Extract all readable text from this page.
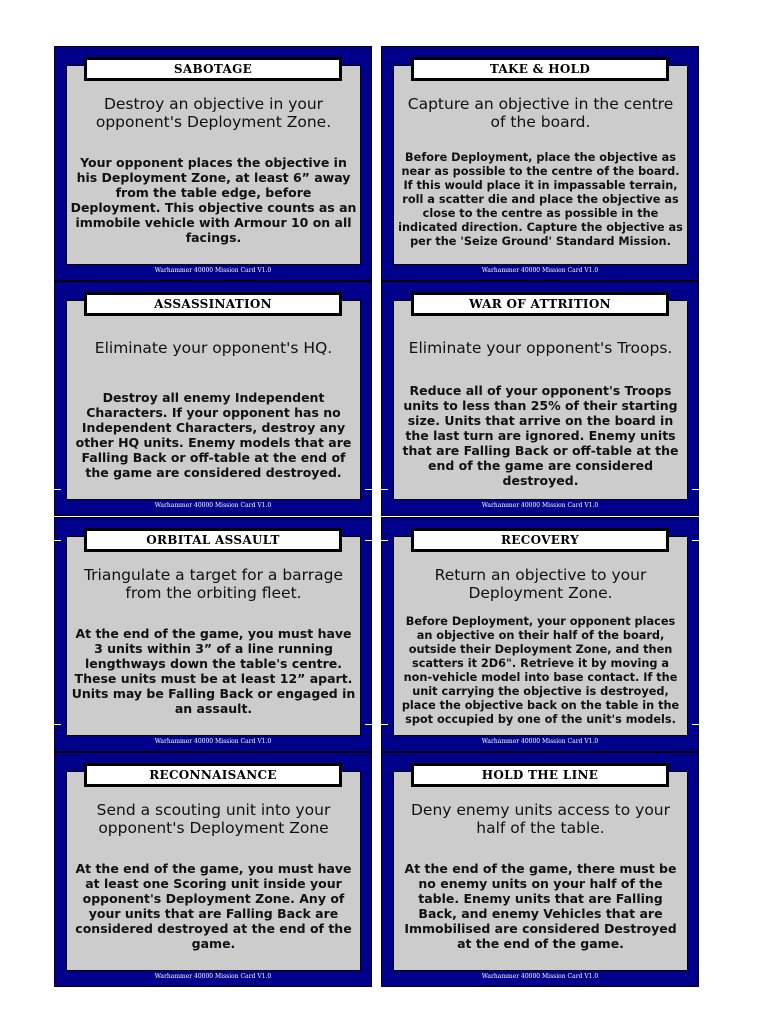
Destroy an objective in your opponent's Deployment Zone.
Your opponent places the objective in his Deployment Zone, at least 6” away from the table edge, before Deployment. This objective counts as an immobile vehicle with Armour 10 on all facings.
SABOTAGE
Warhammer 40000 Mission Card V1.0
Capture an objective in the centre of the board.
Before Deployment, place the objective as near as possible to the centre of the board. If this would place it in impassable terrain, roll a scatter die and place the objective as close to the centre as possible in the indicated direction. Capture the objective as per the 'Seize Ground' Standard Mission.
TAKE & HOLD
Warhammer 40000 Mission Card V1.0
Eliminate your opponent's HQ.
Destroy all enemy Independent Characters. If your opponent has no Independent Characters, destroy any other HQ units. Enemy models that are Falling Back or off-table at the end of the game are considered destroyed.
ASSASSINATION
Warhammer 40000 Mission Card V1.0
Eliminate your opponent's Troops.
Reduce all of your opponent's Troops units to less than 25% of their starting size. Units that arrive on the board in the last turn are ignored. Enemy units that are Falling Back or off-table at the end of the game are considered destroyed.
WAR OF ATTRITION
Warhammer 40000 Mission Card V1.0
Triangulate a target for a barrage from the orbiting fleet.
At the end of the game, you must have 3 units within 3” of a line running lengthways down the table's centre. These units must be at least 12” apart. Units may be Falling Back or engaged in an assault.
ORBITAL ASSAULT
Warhammer 40000 Mission Card V1.0
Return an objective to your Deployment Zone.
Before Deployment, your opponent places an objective on their half of the board, outside their Deployment Zone, and then scatters it 2D6". Retrieve it by moving a non-vehicle model into base contact. If the unit carrying the objective is destroyed, place the objective back on the table in the spot occupied by one of the unit's models.
RECOVERY
Warhammer 40000 Mission Card V1.0
Send a scouting unit into your opponent's Deployment Zone
At the end of the game, you must have at least one Scoring unit inside your opponent's Deployment Zone. Any of your units that are Falling Back are considered destroyed at the end of the game.
RECONNAISANCE
Warhammer 40000 Mission Card V1.0
Deny enemy units access to your half of the table.
At the end of the game, there must be no enemy units on your half of the table. Enemy units that are Falling Back, and enemy Vehicles that are Immobilised are considered Destroyed at the end of the game.
HOLD THE LINE
Warhammer 40000 Mission Card V1.0
